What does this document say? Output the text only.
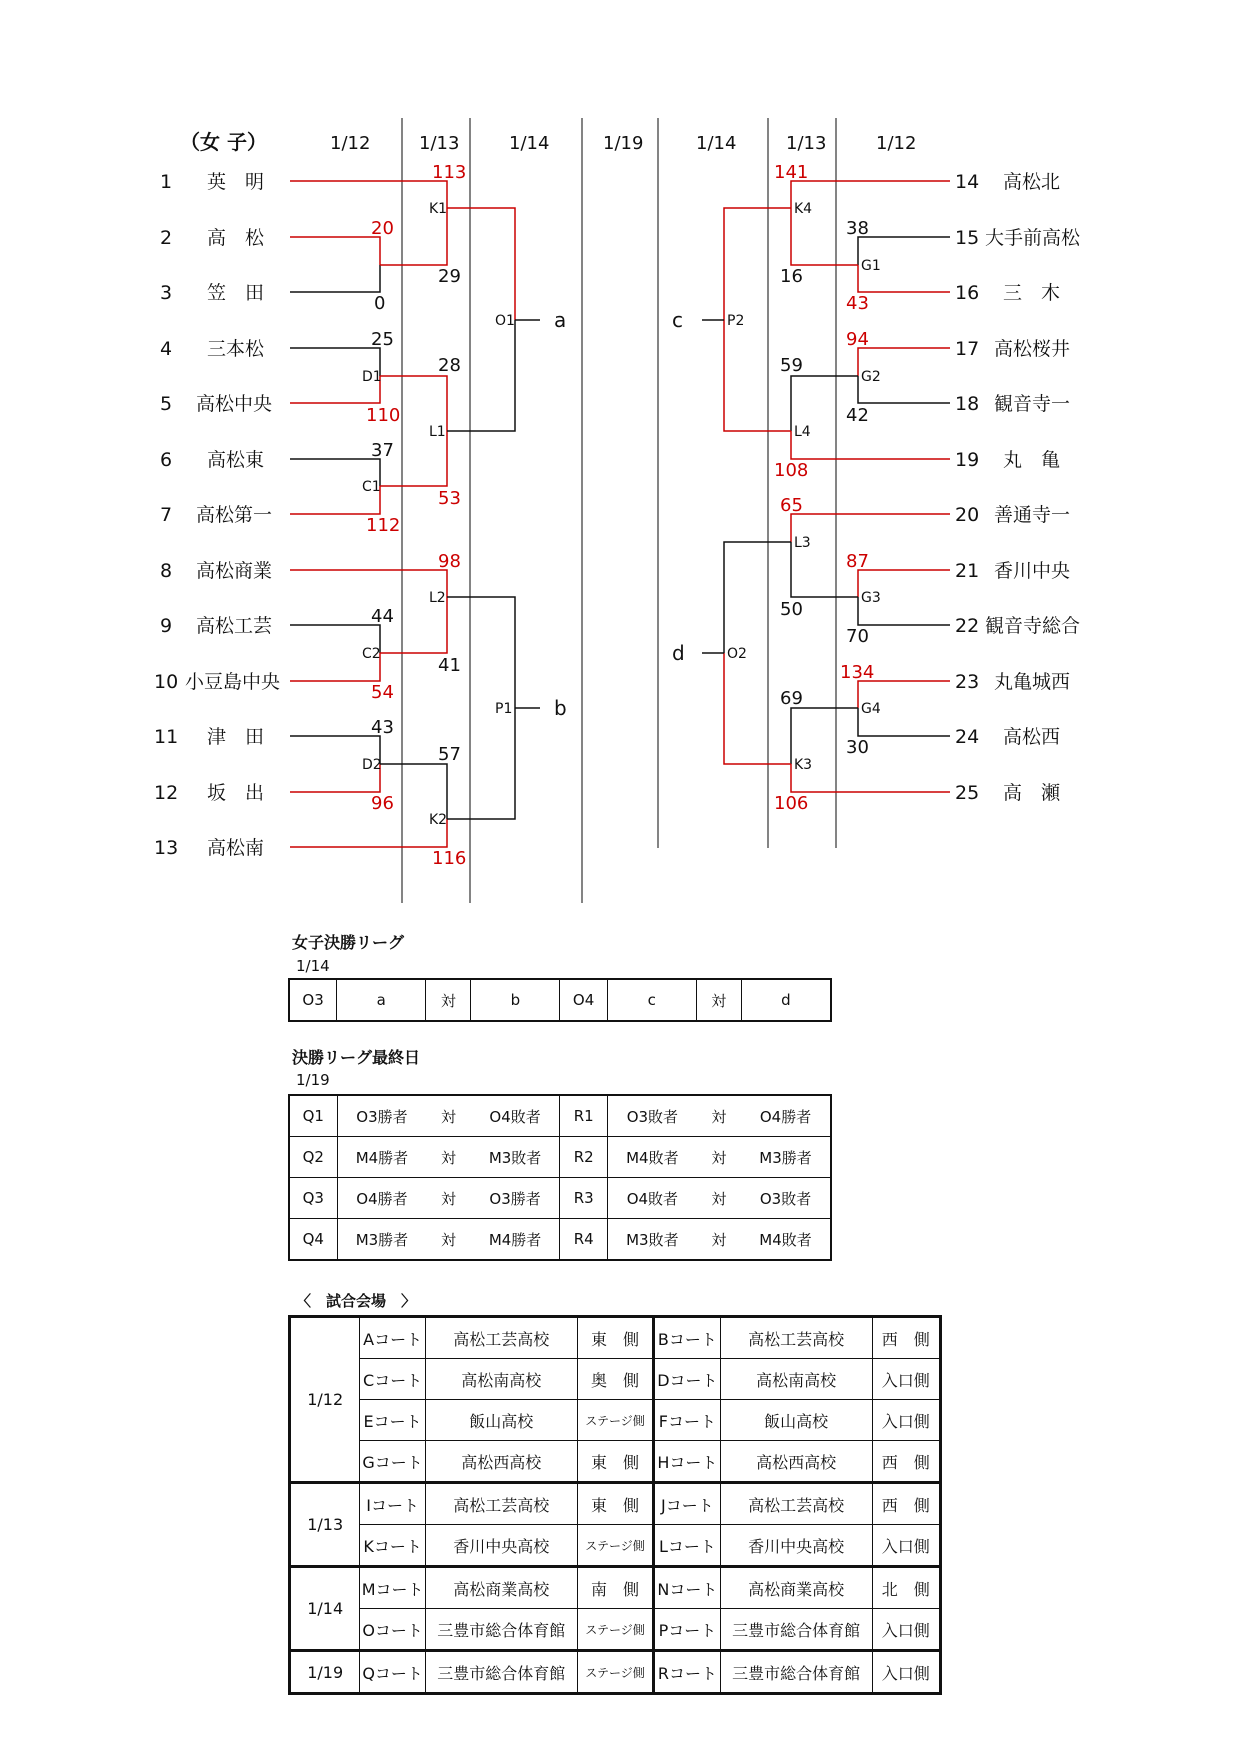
（女 子）	1/12	1/13	1/14	1/19	1/14	1/13	1/12
1 英　明
2 高　松
3 笠　田
4 三本松
5 高松中央
6 高松東
7 高松第一
8 高松商業
9 高松工芸
10 小豆島中央
11 津　田
12 坂　出
13 高松南
14 高松北
15 大手前高松
16 三　木
17 高松桜井
18 観音寺一
19 丸　亀
20 善通寺一
21 香川中央
22 観音寺総合
23 丸亀城西
24 高松西
25 高　瀬
K1
D1
C1
L1
L2
C2
D2
K2
O1
P1
K4
G1
G2
L4
L3
G3
G4
K3
P2
O2
a
b
c
d
113
20
0
29
25
110
28
37
112
53
98
44
54
41
43
96
57
116
141
16
38
43
94
42
59
108
65
50
87
70
134
30
69
106
女子決勝リーグ
1/14
O3	a	対	b	O4	c	対	d
決勝リーグ最終日
1/19
Q1	O3勝者	対	O4敗者	R1	O3敗者	対	O4勝者
Q2	M4勝者	対	M3敗者	R2	M4敗者	対	M3勝者
Q3	O4勝者	対	O3勝者	R3	O4敗者	対	O3敗者
Q4	M3勝者	対	M4勝者	R4	M3敗者	対	M4敗者
〈　試合会場　〉
1/12	Aコート	高松工芸高校	東　側	Bコート	高松工芸高校	西　側
	Cコート	高松南高校	奥　側	Dコート	高松南高校	入口側
	Eコート	飯山高校	ステージ側	Fコート	飯山高校	入口側
	Gコート	高松西高校	東　側	Hコート	高松西高校	西　側
1/13	Iコート	高松工芸高校	東　側	Jコート	高松工芸高校	西　側
	Kコート	香川中央高校	ステージ側	Lコート	香川中央高校	入口側
1/14	Mコート	高松商業高校	南　側	Nコート	高松商業高校	北　側
	Oコート	三豊市総合体育館	ステージ側	Pコート	三豊市総合体育館	入口側
1/19	Qコート	三豊市総合体育館	ステージ側	Rコート	三豊市総合体育館	入口側
